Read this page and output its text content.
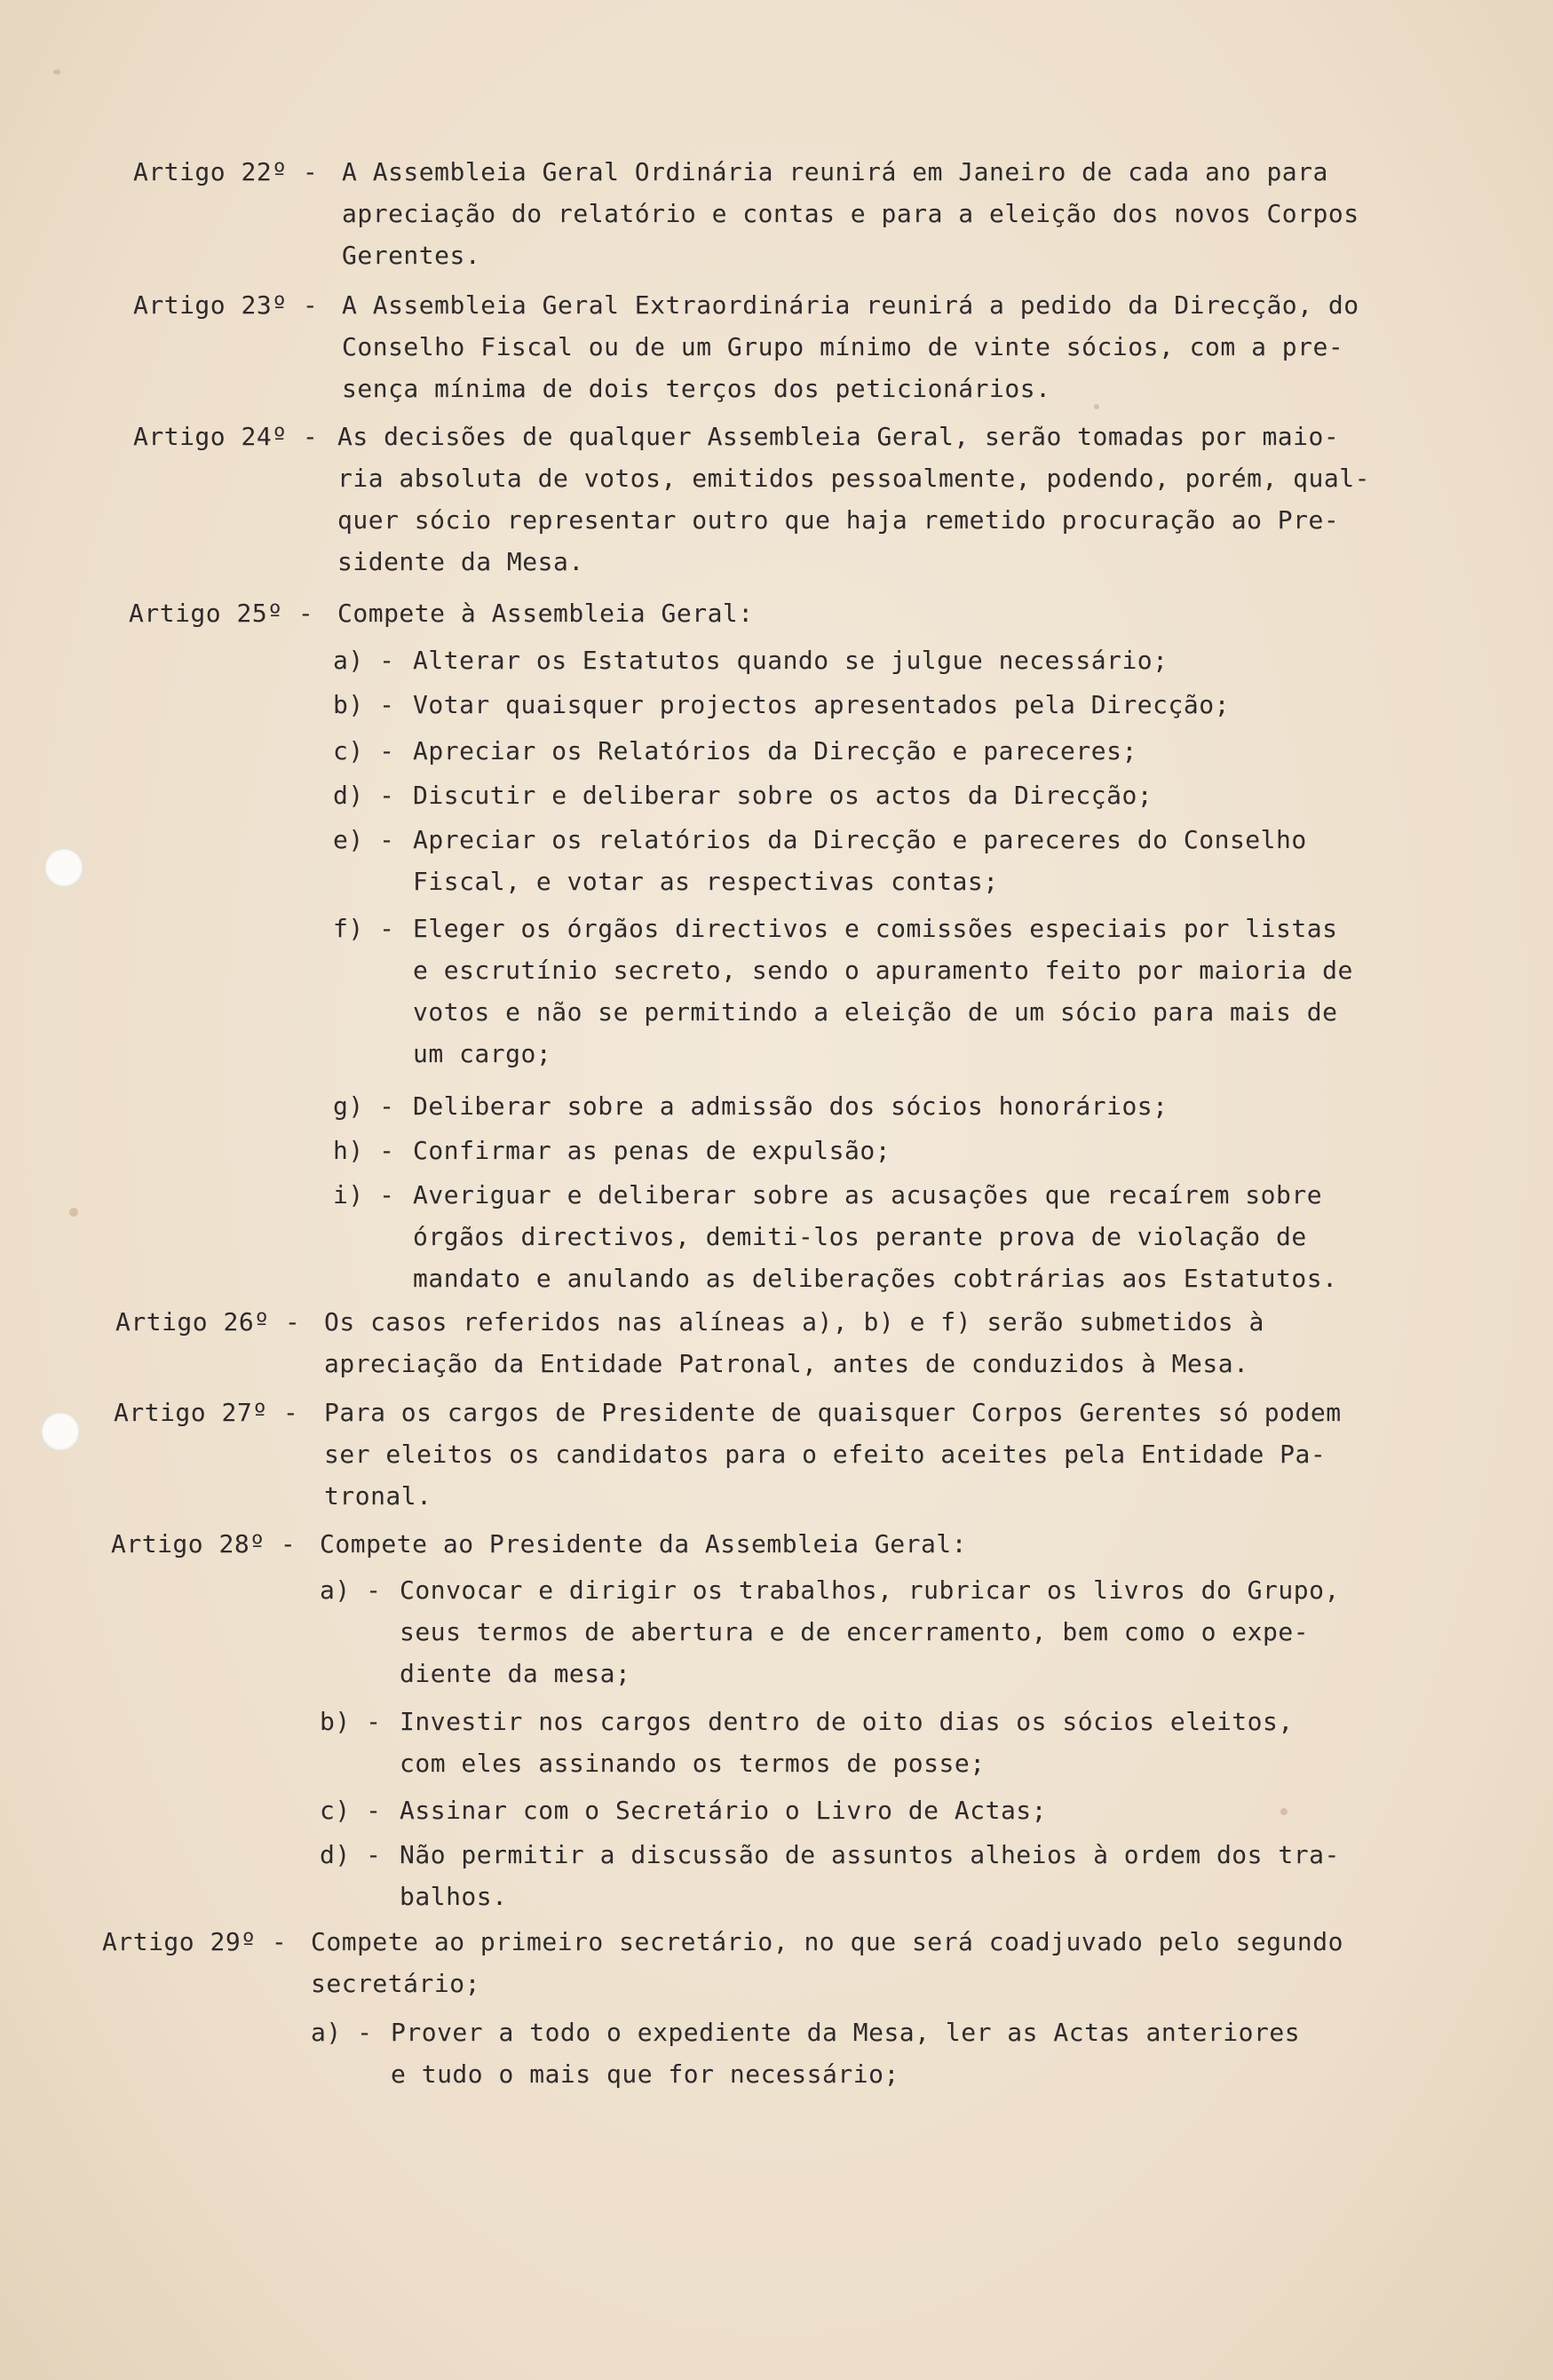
Artigo 22º - A Assembleia Geral Ordinária reunirá em Janeiro de cada ano para
apreciação do relatório e contas e para a eleição dos novos Corpos
Gerentes.
Artigo 23º - A Assembleia Geral Extraordinária reunirá a pedido da Direcção, do
Conselho Fiscal ou de um Grupo mínimo de vinte sócios, com a pre-
sença mínima de dois terços dos peticionários.
Artigo 24º - As decisões de qualquer Assembleia Geral, serão tomadas por maio-
ria absoluta de votos, emitidos pessoalmente, podendo, porém, qual-
quer sócio representar outro que haja remetido procuração ao Pre-
sidente da Mesa.
Artigo 25º - Compete à Assembleia Geral:
a) - Alterar os Estatutos quando se julgue necessário;
b) - Votar quaisquer projectos apresentados pela Direcção;
c) - Apreciar os Relatórios da Direcção e pareceres;
d) - Discutir e deliberar sobre os actos da Direcção;
e) - Apreciar os relatórios da Direcção e pareceres do Conselho
Fiscal, e votar as respectivas contas;
f) - Eleger os órgãos directivos e comissões especiais por listas
e escrutínio secreto, sendo o apuramento feito por maioria de
votos e não se permitindo a eleição de um sócio para mais de
um cargo;
g) - Deliberar sobre a admissão dos sócios honorários;
h) - Confirmar as penas de expulsão;
i) - Averiguar e deliberar sobre as acusações que recaírem sobre
órgãos directivos, demiti-los perante prova de violação de
mandato e anulando as deliberações cobtrárias aos Estatutos.
Artigo 26º - Os casos referidos nas alíneas a), b) e f) serão submetidos à
apreciação da Entidade Patronal, antes de conduzidos à Mesa.
Artigo 27º - Para os cargos de Presidente de quaisquer Corpos Gerentes só podem
ser eleitos os candidatos para o efeito aceites pela Entidade Pa-
tronal.
Artigo 28º - Compete ao Presidente da Assembleia Geral:
a) - Convocar e dirigir os trabalhos, rubricar os livros do Grupo,
seus termos de abertura e de encerramento, bem como o expe-
diente da mesa;
b) - Investir nos cargos dentro de oito dias os sócios eleitos,
com eles assinando os termos de posse;
c) - Assinar com o Secretário o Livro de Actas;
d) - Não permitir a discussão de assuntos alheios à ordem dos tra-
balhos.
Artigo 29º - Compete ao primeiro secretário, no que será coadjuvado pelo segundo
secretário;
a) - Prover a todo o expediente da Mesa, ler as Actas anteriores
e tudo o mais que for necessário;
